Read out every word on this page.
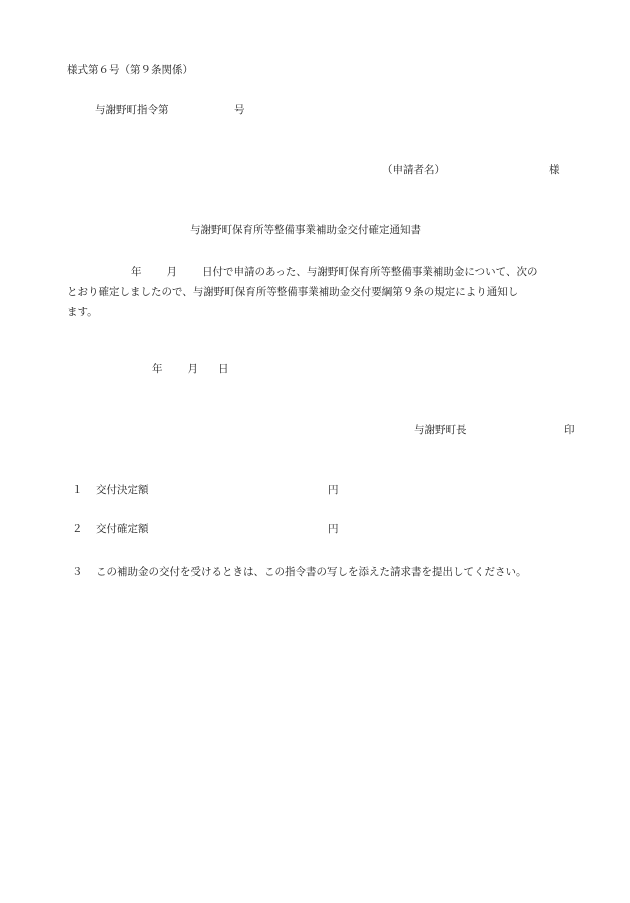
様式第６号（第９条関係）
与謝野町指令第	号
（申請者名）	様
与謝野町保育所等整備事業補助金交付確定通知書
年 月 日付で申請のあった、与謝野町保育所等整備事業補助金について、次の
とおり確定しましたので、与謝野町保育所等整備事業補助金交付要綱第９条の規定により通知し
ます。
年 月 日
与謝野町長	印
１ 交付決定額	円
２ 交付確定額	円
３ この補助金の交付を受けるときは、この指令書の写しを添えた請求書を提出してください。
